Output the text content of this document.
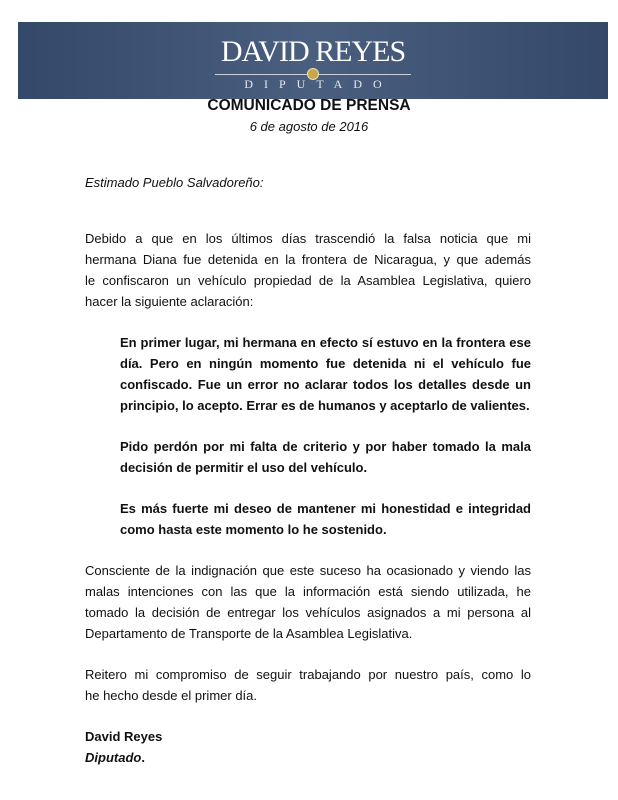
DAVID REYES
DIPUTADO
COMUNICADO DE PRENSA
6 de agosto de 2016
Estimado Pueblo Salvadoreño:
Debido a que en los últimos días trascendió la falsa noticia que mi
hermana Diana fue detenida en la frontera de Nicaragua, y que además
le confiscaron un vehículo propiedad de la Asamblea Legislativa, quiero
hacer la siguiente aclaración:
En primer lugar, mi hermana en efecto sí estuvo en la frontera ese
día. Pero en ningún momento fue detenida ni el vehículo fue
confiscado. Fue un error no aclarar todos los detalles desde un
principio, lo acepto. Errar es de humanos y aceptarlo de valientes.
Pido perdón por mi falta de criterio y por haber tomado la mala
decisión de permitir el uso del vehículo.
Es más fuerte mi deseo de mantener mi honestidad e integridad
como hasta este momento lo he sostenido.
Consciente de la indignación que este suceso ha ocasionado y viendo las
malas intenciones con las que la información está siendo utilizada, he
tomado la decisión de entregar los vehículos asignados a mi persona al
Departamento de Transporte de la Asamblea Legislativa.
Reitero mi compromiso de seguir trabajando por nuestro país, como lo
he hecho desde el primer día.
David Reyes
Diputado.
